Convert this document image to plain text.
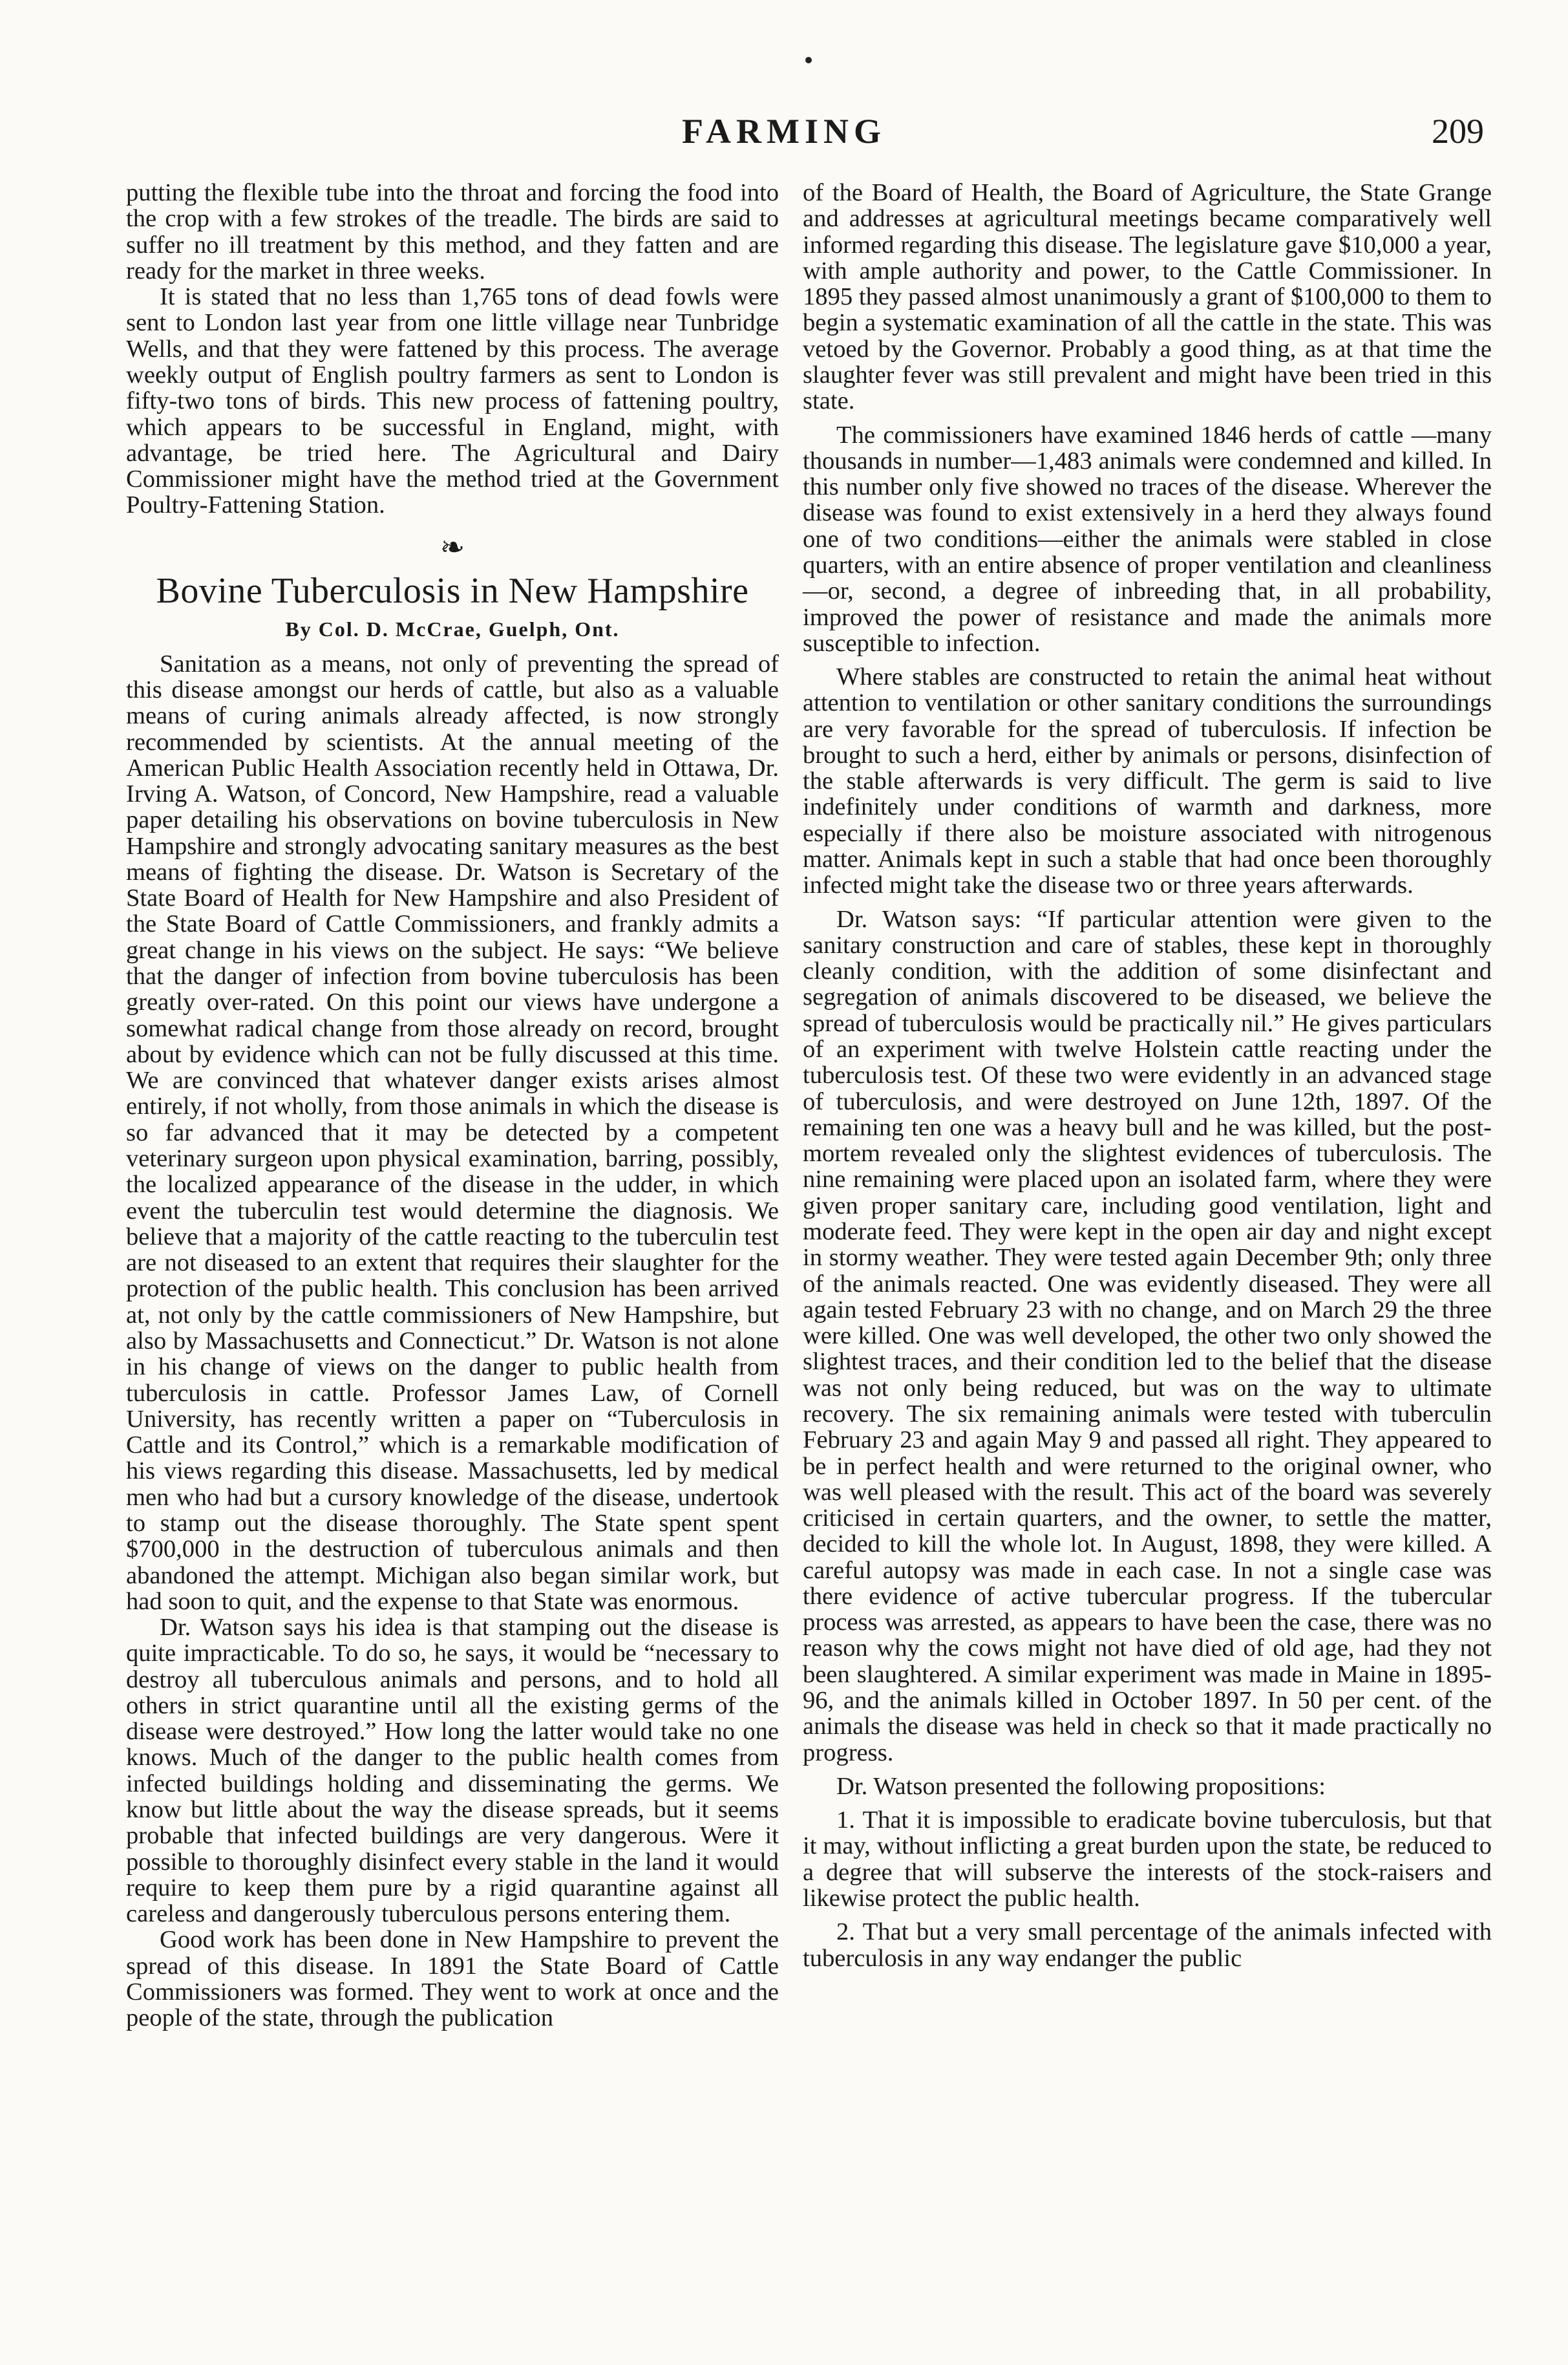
FARMING	209

putting the flexible tube into the throat and forcing the food into the crop with a few strokes of the treadle. The birds are said to suffer no ill treatment by this method, and they fatten and are ready for the market in three weeks.

It is stated that no less than 1,765 tons of dead fowls were sent to London last year from one little village near Tunbridge Wells, and that they were fattened by this process. The average weekly output of English poultry farmers as sent to London is fifty-two tons of birds. This new process of fattening poultry, which appears to be successful in England, might, with advantage, be tried here. The Agricultural and Dairy Commissioner might have the method tried at the Government Poultry-Fattening Station.

❧
Bovine Tuberculosis in New Hampshire
By Col. D. McCrae, Guelph, Ont.

Sanitation as a means, not only of preventing the spread of this disease amongst our herds of cattle, but also as a valuable means of curing animals already affected, is now strongly recommended by scientists. At the annual meeting of the American Public Health Association recently held in Ottawa, Dr. Irving A. Watson, of Concord, New Hampshire, read a valuable paper detailing his observations on bovine tuberculosis in New Hampshire and strongly advocating sanitary measures as the best means of fighting the disease. Dr. Watson is Secretary of the State Board of Health for New Hampshire and also President of the State Board of Cattle Commissioners, and frankly admits a great change in his views on the subject. He says: “We believe that the danger of infection from bovine tuberculosis has been greatly over-rated. On this point our views have undergone a somewhat radical change from those already on record, brought about by evidence which can not be fully discussed at this time. We are convinced that whatever danger exists arises almost entirely, if not wholly, from those animals in which the disease is so far advanced that it may be detected by a competent veterinary surgeon upon physical examination, barring, possibly, the localized appearance of the disease in the udder, in which event the tuberculin test would determine the diagnosis. We believe that a majority of the cattle reacting to the tuberculin test are not diseased to an extent that requires their slaughter for the protection of the public health. This conclusion has been arrived at, not only by the cattle commissioners of New Hampshire, but also by Massachusetts and Connecticut.” Dr. Watson is not alone in his change of views on the danger to public health from tuberculosis in cattle. Professor James Law, of Cornell University, has recently written a paper on “Tuberculosis in Cattle and its Control,” which is a remarkable modification of his views regarding this disease. Massachusetts, led by medical men who had but a cursory knowledge of the disease, undertook to stamp out the disease thoroughly. The State spent spent $700,000 in the destruction of tuberculous animals and then abandoned the attempt. Michigan also began similar work, but had soon to quit, and the expense to that State was enormous.

Dr. Watson says his idea is that stamping out the disease is quite impracticable. To do so, he says, it would be “necessary to destroy all tuberculous animals and persons, and to hold all others in strict quarantine until all the existing germs of the disease were destroyed.” How long the latter would take no one knows. Much of the danger to the public health comes from infected buildings holding and disseminating the germs. We know but little about the way the disease spreads, but it seems probable that infected buildings are very dangerous. Were it possible to thoroughly disinfect every stable in the land it would require to keep them pure by a rigid quarantine against all careless and dangerously tuberculous persons entering them.

Good work has been done in New Hampshire to prevent the spread of this disease. In 1891 the State Board of Cattle Commissioners was formed. They went to work at once and the people of the state, through the publication

of the Board of Health, the Board of Agriculture, the State Grange and addresses at agricultural meetings became comparatively well informed regarding this disease. The legislature gave $10,000 a year, with ample authority and power, to the Cattle Commissioner. In 1895 they passed almost unanimously a grant of $100,000 to them to begin a systematic examination of all the cattle in the state. This was vetoed by the Governor. Probably a good thing, as at that time the slaughter fever was still prevalent and might have been tried in this state.

The commissioners have examined 1846 herds of cattle —many thousands in number—1,483 animals were condemned and killed. In this number only five showed no traces of the disease. Wherever the disease was found to exist extensively in a herd they always found one of two conditions—either the animals were stabled in close quarters, with an entire absence of proper ventilation and cleanliness—or, second, a degree of inbreeding that, in all probability, improved the power of resistance and made the animals more susceptible to infection.

Where stables are constructed to retain the animal heat without attention to ventilation or other sanitary conditions the surroundings are very favorable for the spread of tuberculosis. If infection be brought to such a herd, either by animals or persons, disinfection of the stable afterwards is very difficult. The germ is said to live indefinitely under conditions of warmth and darkness, more especially if there also be moisture associated with nitrogenous matter. Animals kept in such a stable that had once been thoroughly infected might take the disease two or three years afterwards.

Dr. Watson says: “If particular attention were given to the sanitary construction and care of stables, these kept in thoroughly cleanly condition, with the addition of some disinfectant and segregation of animals discovered to be diseased, we believe the spread of tuberculosis would be practically nil.” He gives particulars of an experiment with twelve Holstein cattle reacting under the tuberculosis test. Of these two were evidently in an advanced stage of tuberculosis, and were destroyed on June 12th, 1897. Of the remaining ten one was a heavy bull and he was killed, but the post-mortem revealed only the slightest evidences of tuberculosis. The nine remaining were placed upon an isolated farm, where they were given proper sanitary care, including good ventilation, light and moderate feed. They were kept in the open air day and night except in stormy weather. They were tested again December 9th; only three of the animals reacted. One was evidently diseased. They were all again tested February 23 with no change, and on March 29 the three were killed. One was well developed, the other two only showed the slightest traces, and their condition led to the belief that the disease was not only being reduced, but was on the way to ultimate recovery. The six remaining animals were tested with tuberculin February 23 and again May 9 and passed all right. They appeared to be in perfect health and were returned to the original owner, who was well pleased with the result. This act of the board was severely criticised in certain quarters, and the owner, to settle the matter, decided to kill the whole lot. In August, 1898, they were killed. A careful autopsy was made in each case. In not a single case was there evidence of active tubercular progress. If the tubercular process was arrested, as appears to have been the case, there was no reason why the cows might not have died of old age, had they not been slaughtered. A similar experiment was made in Maine in 1895-96, and the animals killed in October 1897. In 50 per cent. of the animals the disease was held in check so that it made practically no progress.

Dr. Watson presented the following propositions:

1. That it is impossible to eradicate bovine tuberculosis, but that it may, without inflicting a great burden upon the state, be reduced to a degree that will subserve the interests of the stock-raisers and likewise protect the public health.

2. That but a very small percentage of the animals infected with tuberculosis in any way endanger the public
